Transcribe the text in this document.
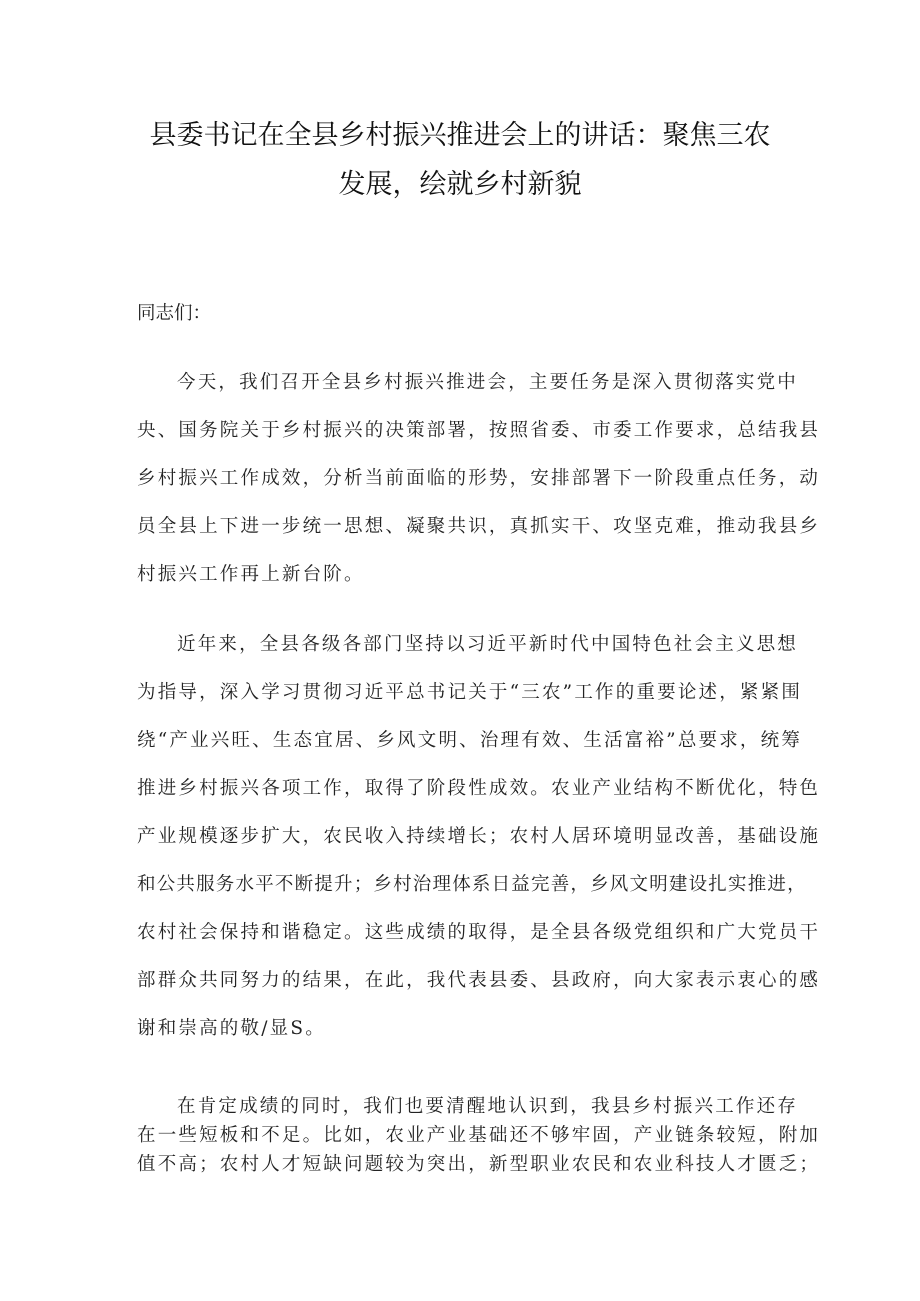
县委书记在全县乡村振兴推进会上的讲话：聚焦三农
发展，绘就乡村新貌

同志们：

今天，我们召开全县乡村振兴推进会，主要任务是深入贯彻落实党中

央、国务院关于乡村振兴的决策部署，按照省委、市委工作要求，总结我县

乡村振兴工作成效，分析当前面临的形势，安排部署下一阶段重点任务，动

员全县上下进一步统一思想、凝聚共识，真抓实干、攻坚克难，推动我县乡

村振兴工作再上新台阶。

近年来，全县各级各部门坚持以习近平新时代中国特色社会主义思想

为指导，深入学习贯彻习近平总书记关于“三农”工作的重要论述，紧紧围

绕“产业兴旺、生态宜居、乡风文明、治理有效、生活富裕”总要求，统筹

推进乡村振兴各项工作，取得了阶段性成效。农业产业结构不断优化，特色

产业规模逐步扩大，农民收入持续增长；农村人居环境明显改善，基础设施

和公共服务水平不断提升；乡村治理体系日益完善，乡风文明建设扎实推进，

农村社会保持和谐稳定。这些成绩的取得，是全县各级党组织和广大党员干

部群众共同努力的结果，在此，我代表县委、县政府，向大家表示衷心的感

谢和崇高的敬/显S。

在肯定成绩的同时，我们也要清醒地认识到，我县乡村振兴工作还存

在一些短板和不足。比如，农业产业基础还不够牢固，产业链条较短，附加

值不高；农村人才短缺问题较为突出，新型职业农民和农业科技人才匮乏；
